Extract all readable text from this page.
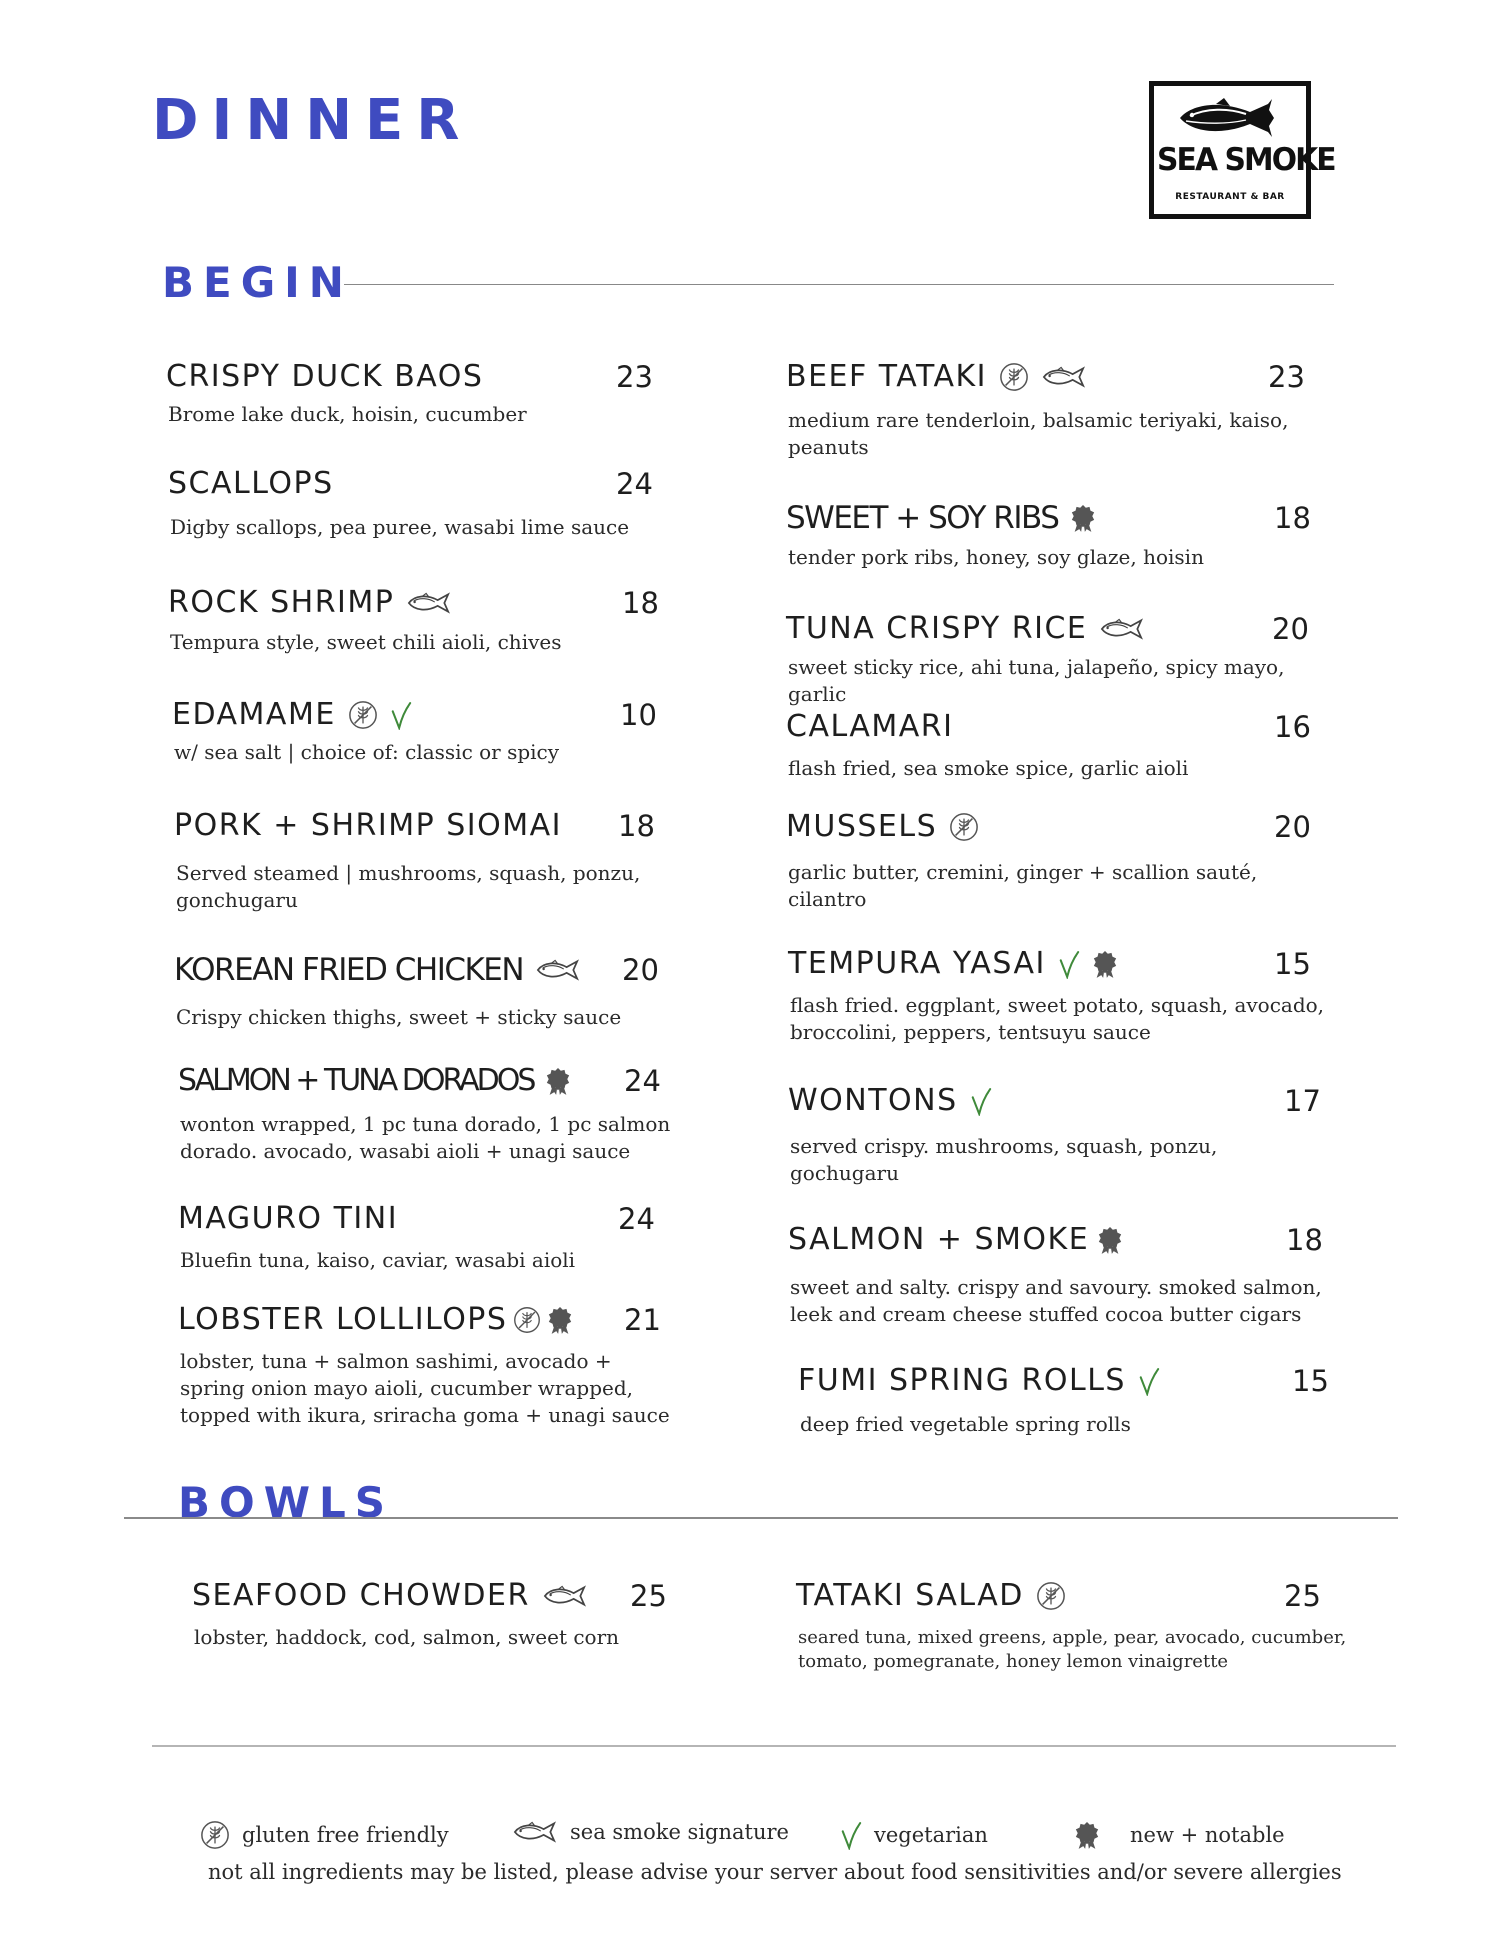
DINNER
SEA SMOKE
RESTAURANT & BAR
BEGIN
CRISPY DUCK BAOS	23
Brome lake duck, hoisin, cucumber
SCALLOPS	24
Digby scallops, pea puree, wasabi lime sauce
ROCK SHRIMP	18
Tempura style, sweet chili aioli, chives
EDAMAME	10
w/ sea salt | choice of: classic or spicy
PORK + SHRIMP SIOMAI 18
Served steamed | mushrooms, squash, ponzu, gonchugaru
KOREAN FRIED CHICKEN	20
Crispy chicken thighs, sweet + sticky sauce
SALMON + TUNA DORADOS	24
wonton wrapped, 1 pc tuna dorado, 1 pc salmon dorado. avocado, wasabi aioli + unagi sauce
MAGURO TINI	24
Bluefin tuna, kaiso, caviar, wasabi aioli
LOBSTER LOLLILOPS	21
lobster, tuna + salmon sashimi, avocado + spring onion mayo aioli, cucumber wrapped, topped with ikura, sriracha goma + unagi sauce
BEEF TATAKI	23
medium rare tenderloin, balsamic teriyaki, kaiso, peanuts
SWEET + SOY RIBS	18
tender pork ribs, honey, soy glaze, hoisin
TUNA CRISPY RICE	20
sweet sticky rice, ahi tuna, jalapeño, spicy mayo, garlic
CALAMARI	16
flash fried, sea smoke spice, garlic aioli
MUSSELS	20
garlic butter, cremini, ginger + scallion sauté, cilantro
TEMPURA YASAI	15
flash fried. eggplant, sweet potato, squash, avocado, broccolini, peppers, tentsuyu sauce
WONTONS	17
served crispy. mushrooms, squash, ponzu, gochugaru
SALMON + SMOKE	18
sweet and salty. crispy and savoury. smoked salmon, leek and cream cheese stuffed cocoa butter cigars
FUMI SPRING ROLLS	15
deep fried vegetable spring rolls
BOWLS
SEAFOOD CHOWDER	25
lobster, haddock, cod, salmon, sweet corn
TATAKI SALAD	25
seared tuna, mixed greens, apple, pear, avocado, cucumber, tomato, pomegranate, honey lemon vinaigrette
gluten free friendly	sea smoke signature	vegetarian	new + notable
not all ingredients may be listed, please advise your server about food sensitivities and/or severe allergies
